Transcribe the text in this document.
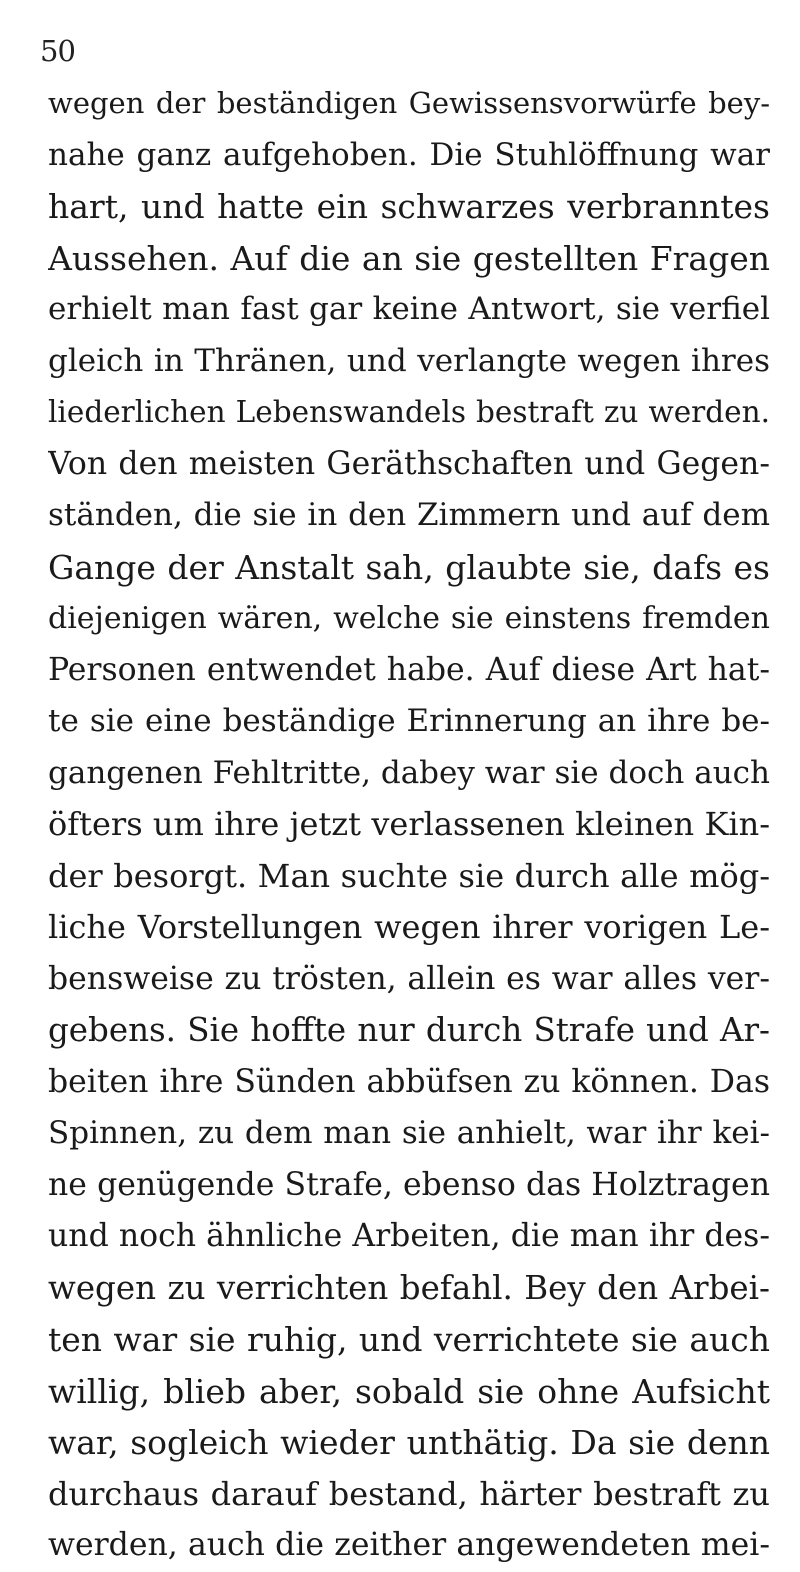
50
wegen der beständigen Gewissensvorwürfe bey-
nahe ganz aufgehoben. Die Stuhlöffnung war
hart, und hatte ein schwarzes verbranntes
Aussehen. Auf die an sie gestellten Fragen
erhielt man fast gar keine Antwort, sie verfiel
gleich in Thränen, und verlangte wegen ihres
liederlichen Lebenswandels bestraft zu werden.
Von den meisten Geräthschaften und Gegen-
ständen, die sie in den Zimmern und auf dem
Gange der Anstalt sah, glaubte sie, dafs es
diejenigen wären, welche sie einstens fremden
Personen entwendet habe. Auf diese Art hat-
te sie eine beständige Erinnerung an ihre be-
gangenen Fehltritte, dabey war sie doch auch
öfters um ihre jetzt verlassenen kleinen Kin-
der besorgt. Man suchte sie durch alle mög-
liche Vorstellungen wegen ihrer vorigen Le-
bensweise zu trösten, allein es war alles ver-
gebens. Sie hoffte nur durch Strafe und Ar-
beiten ihre Sünden abbüfsen zu können. Das
Spinnen, zu dem man sie anhielt, war ihr kei-
ne genügende Strafe, ebenso das Holztragen
und noch ähnliche Arbeiten, die man ihr des-
wegen zu verrichten befahl. Bey den Arbei-
ten war sie ruhig, und verrichtete sie auch
willig, blieb aber, sobald sie ohne Aufsicht
war, sogleich wieder unthätig. Da sie denn
durchaus darauf bestand, härter bestraft zu
werden, auch die zeither angewendeten mei-
